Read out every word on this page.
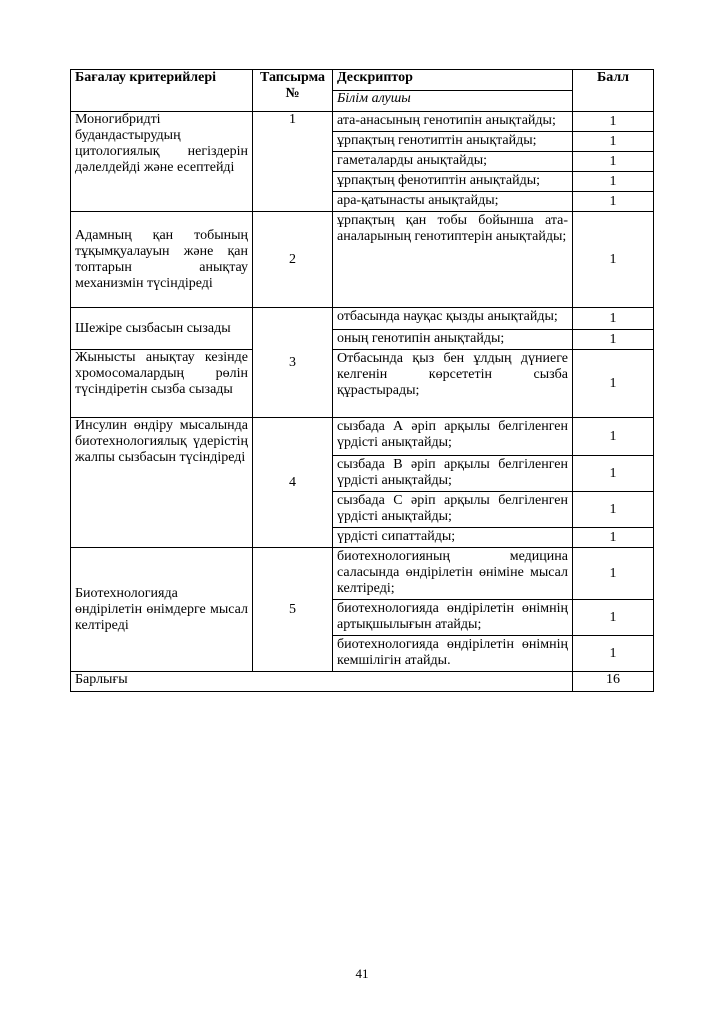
Бағалау критерийлері	Тапсырма №	Дескриптор	Балл
		Білім алушы	
Моногибридті будандастырудың цитологиялық негіздерін дәлелдейді және есептейді	1	ата-анасының генотипін анықтайды;	1
		ұрпақтың генотиптін анықтайды;	1
		гаметаларды анықтайды;	1
		ұрпақтың фенотиптін анықтайды;	1
		ара-қатынасты анықтайды;	1
Адамның қан тобының тұқымқуалауын және қан топтарын анықтау механизмін түсіндіреді	2	ұрпақтың қан тобы бойынша ата-аналарының генотиптерін анықтайды;	1
Шежіре сызбасын сызады	3	отбасында науқас қызды анықтайды;	1
		оның генотипін анықтайды;	1
Жынысты анықтау кезінде хромосомалардың рөлін түсіндіретін сызба сызады		Отбасында қыз бен ұлдың дүниеге келгенін көрсететін сызба құрастырады;	1
Инсулин өндіру мысалында биотехнологиялық үдерістің жалпы сызбасын түсіндіреді	4	сызбада А әріп арқылы белгіленген үрдісті анықтайды;	1
		сызбада В әріп арқылы белгіленген үрдісті анықтайды;	1
		сызбада С әріп арқылы белгіленген үрдісті анықтайды;	1
		үрдісті сипаттайды;	1
Биотехнологияда өндірілетін өнімдерге мысал келтіреді	5	биотехнологияның медицина саласында өндірілетін өніміне мысал келтіреді;	1
		биотехнологияда өндірілетін өнімнің артықшылығын атайды;	1
		биотехнологияда өндірілетін өнімнің кемшілігін атайды.	1
Барлығы			16
41
